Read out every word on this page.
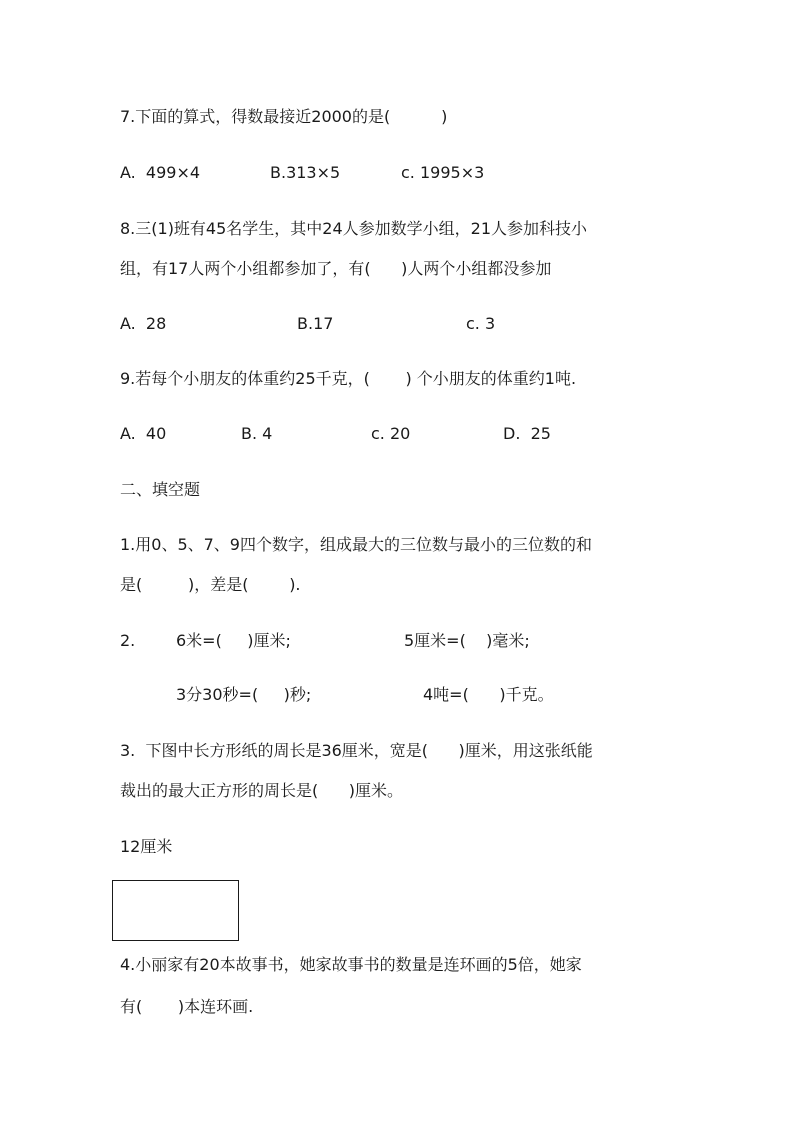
7.下面的算式，得数最接近2000的是(          )
A.  499×4	B.313×5	c. 1995×3
8.三(1)班有45名学生，其中24人参加数学小组，21人参加科技小
组，有17人两个小组都参加了，有(      )人两个小组都没参加
A.  28	B.17	c. 3
9.若每个小朋友的体重约25千克，(       ) 个小朋友的体重约1吨.
A.  40	B. 4	c. 20	D.  25
二、填空题
1.用0、5、7、9四个数字，组成最大的三位数与最小的三位数的和
是(         )，差是(        ).
2.	6米=(     )厘米;	5厘米=(    )毫米;
3分30秒=(     )秒;	4吨=(      )千克。
3.  下图中长方形纸的周长是36厘米，宽是(      )厘米，用这张纸能
裁出的最大正方形的周长是(      )厘米。
12厘米
4.小丽家有20本故事书，她家故事书的数量是连环画的5倍，她家
有(       )本连环画.
